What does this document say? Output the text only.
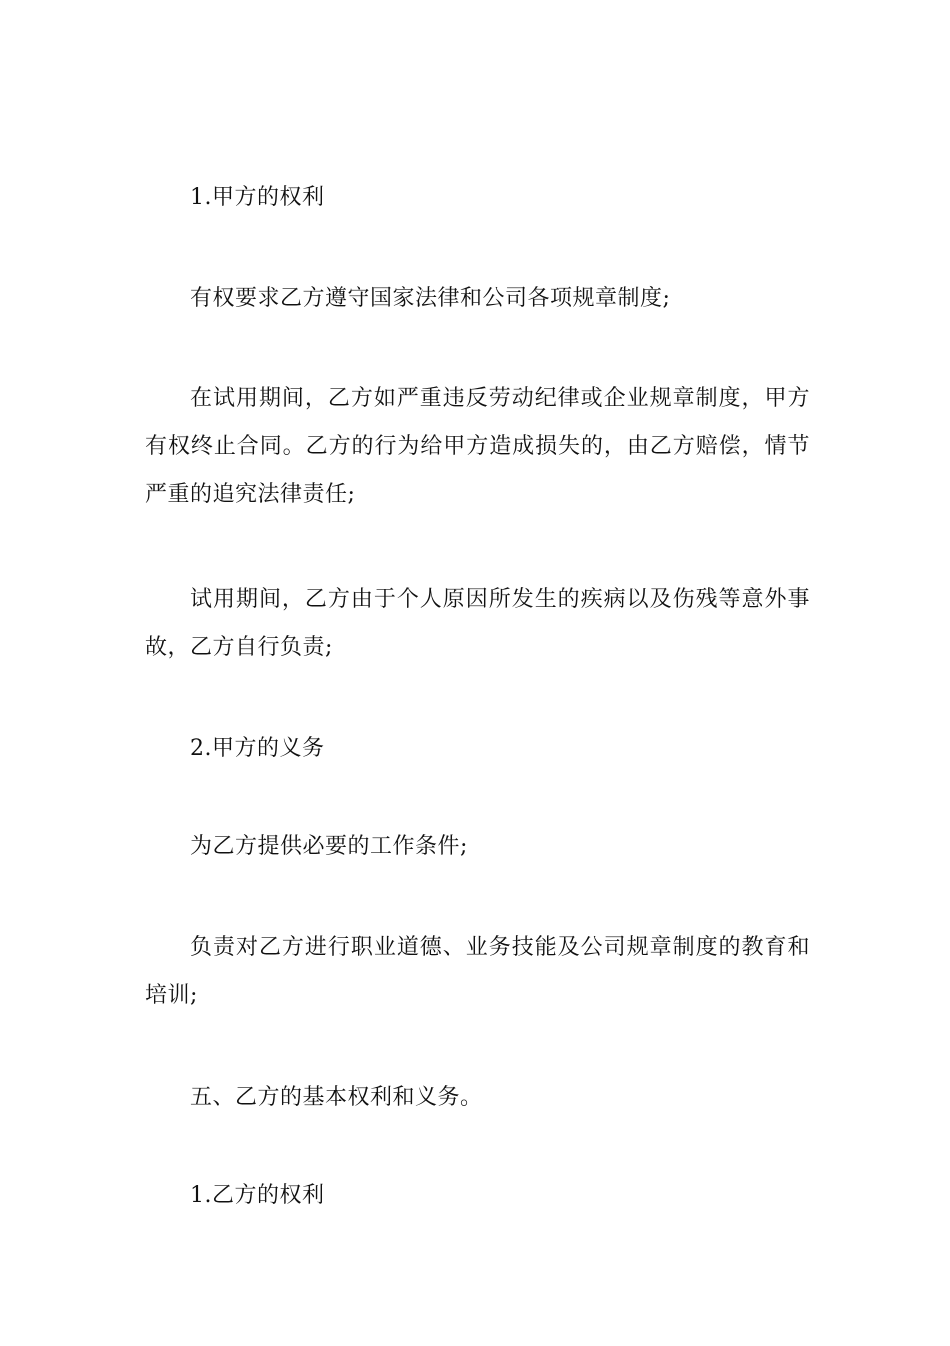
1.甲方的权利

有权要求乙方遵守国家法律和公司各项规章制度;

在试用期间，乙方如严重违反劳动纪律或企业规章制度，甲方有权终止合同。乙方的行为给甲方造成损失的，由乙方赔偿，情节严重的追究法律责任;

试用期间，乙方由于个人原因所发生的疾病以及伤残等意外事故，乙方自行负责;

2.甲方的义务

为乙方提供必要的工作条件;

负责对乙方进行职业道德、业务技能及公司规章制度的教育和培训;

五、乙方的基本权利和义务。

1.乙方的权利
